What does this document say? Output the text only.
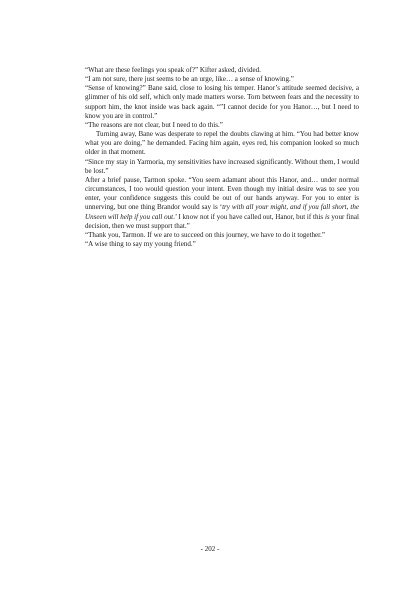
“What are these feelings you speak of?” Kifter asked, divided.

“I am not sure, there just seems to be an urge, like… a sense of knowing.”

“Sense of knowing?” Bane said, close to losing his temper. Hanor’s attitude seemed decisive, a glimmer of his old self, which only made matters worse. Torn between fears and the necessity to support him, the knot inside was back again. “”I cannot decide for you Hanor…, but I need to know you are in control.”

“The reasons are not clear, but I need to do this.”

Turning away, Bane was desperate to repel the doubts clawing at him. “You had better know what you are doing,” he demanded. Facing him again, eyes red, his companion looked so much older in that moment.

“Since my stay in Yarmoria, my sensitivities have increased significantly. Without them, I would be lost.”

After a brief pause, Tarmon spoke. “You seem adamant about this Hanor, and… under normal circumstances, I too would question your intent. Even though my initial desire was to see you enter, your confidence suggests this could be out of our hands anyway. For you to enter is unnerving, but one thing Brandor would say is ‘try with all your might, and if you fall short, the Unseen will help if you call out.’ I know not if you have called out, Hanor, but if this is your final decision, then we must support that.”

“Thank you, Tarmon. If we are to succeed on this journey, we have to do it together.”

“A wise thing to say my young friend.”

- 202 -
